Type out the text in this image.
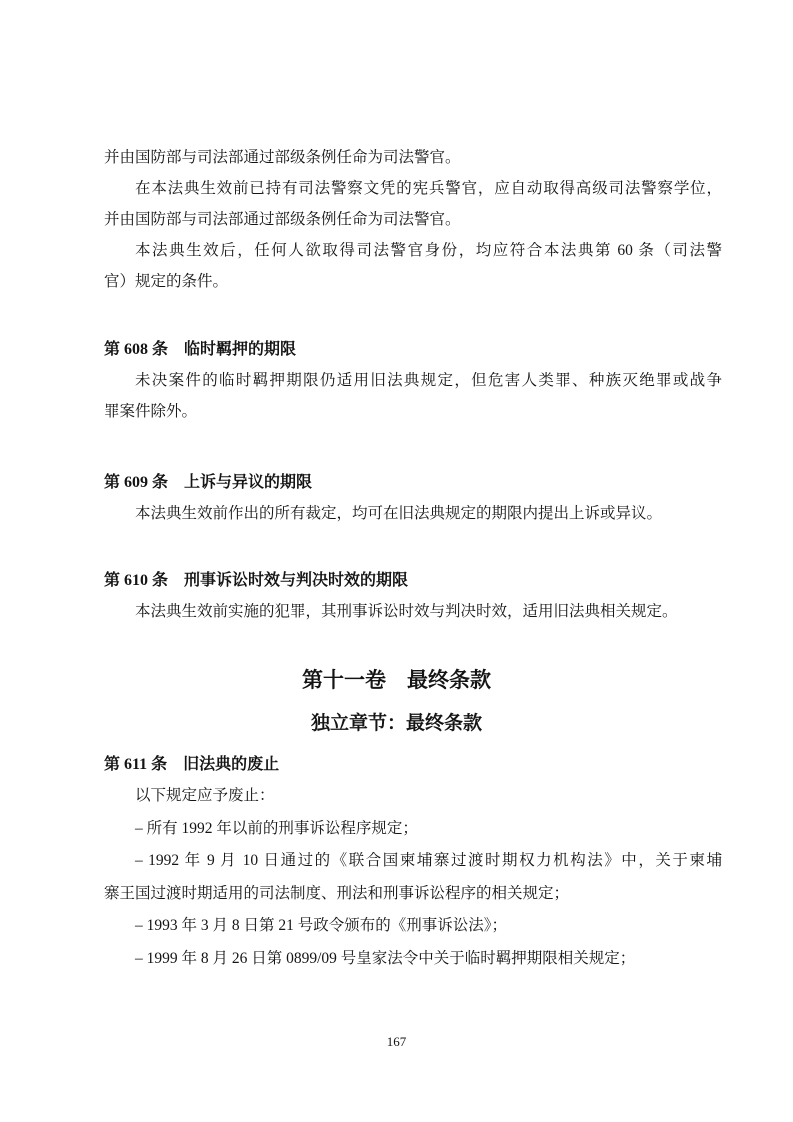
并由国防部与司法部通过部级条例任命为司法警官。
在本法典生效前已持有司法警察文凭的宪兵警官，应自动取得高级司法警察学位，
并由国防部与司法部通过部级条例任命为司法警官。
本法典生效后，任何人欲取得司法警官身份，均应符合本法典第 60 条（司法警
官）规定的条件。
第 608 条　临时羁押的期限
未决案件的临时羁押期限仍适用旧法典规定，但危害人类罪、种族灭绝罪或战争
罪案件除外。
第 609 条　上诉与异议的期限
本法典生效前作出的所有裁定，均可在旧法典规定的期限内提出上诉或异议。
第 610 条　刑事诉讼时效与判决时效的期限
本法典生效前实施的犯罪，其刑事诉讼时效与判决时效，适用旧法典相关规定。
第十一卷　最终条款
独立章节：最终条款
第 611 条　旧法典的废止
以下规定应予废止：
– 所有 1992 年以前的刑事诉讼程序规定；
– 1992 年 9 月 10 日通过的《联合国柬埔寨过渡时期权力机构法》中，关于柬埔
寨王国过渡时期适用的司法制度、刑法和刑事诉讼程序的相关规定；
– 1993 年 3 月 8 日第 21 号政令颁布的《刑事诉讼法》；
– 1999 年 8 月 26 日第 0899/09 号皇家法令中关于临时羁押期限相关规定；
167
